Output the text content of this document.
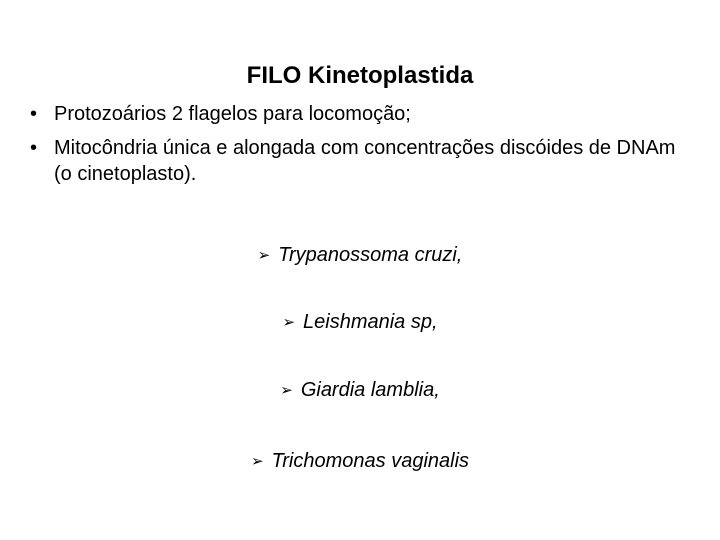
FILO Kinetoplastida
• Protozoários 2 flagelos para locomoção;
• Mitocôndria única e alongada com concentrações discóides de DNAm (o cinetoplasto).
➢ Trypanossoma cruzi,
➢ Leishmania sp,
➢ Giardia lamblia,
➢ Trichomonas vaginalis
